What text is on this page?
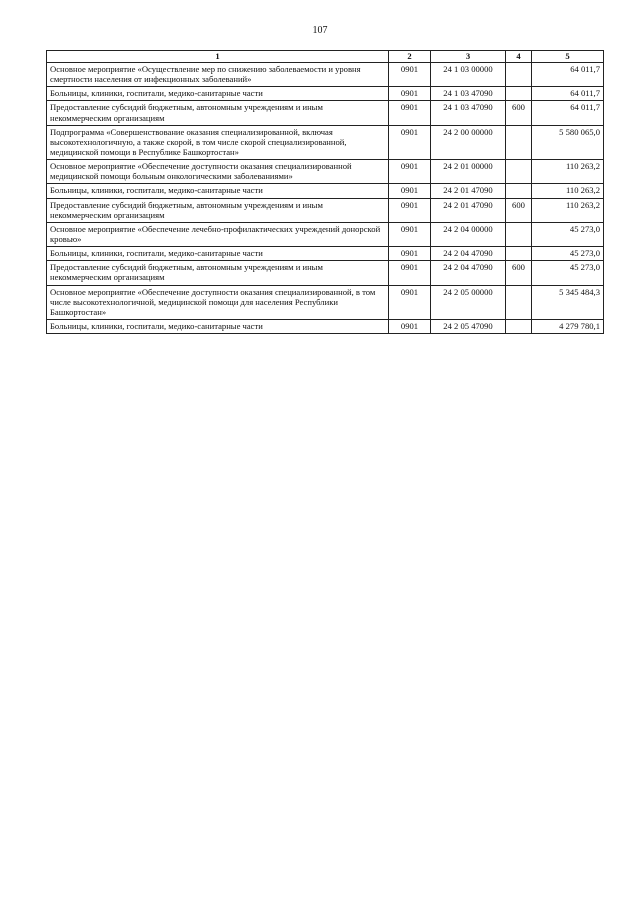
107
1	2	3	4	5
Основное мероприятие «Осуществление мер по снижению заболеваемости и уровня смертности населения от инфекционных заболеваний»	0901	24 1 03 00000		64 011,7
Больницы, клиники, госпитали, медико-санитарные части	0901	24 1 03 47090		64 011,7
Предоставление субсидий бюджетным, автономным учреждениям и иным некоммерческим организациям	0901	24 1 03 47090	600	64 011,7
Подпрограмма «Совершенствование оказания специализированной, включая высокотехнологичную, а также скорой, в том числе скорой специализированной, медицинской помощи в Республике Башкортостан»	0901	24 2 00 00000		5 580 065,0
Основное мероприятие «Обеспечение доступности оказания специализированной медицинской помощи больным онкологическими заболеваниями»	0901	24 2 01 00000		110 263,2
Больницы, клиники, госпитали, медико-санитарные части	0901	24 2 01 47090		110 263,2
Предоставление субсидий бюджетным, автономным учреждениям и иным некоммерческим организациям	0901	24 2 01 47090	600	110 263,2
Основное мероприятие «Обеспечение лечебно-профилактических учреждений донорской кровью»	0901	24 2 04 00000		45 273,0
Больницы, клиники, госпитали, медико-санитарные части	0901	24 2 04 47090		45 273,0
Предоставление субсидий бюджетным, автономным учреждениям и иным некоммерческим организациям	0901	24 2 04 47090	600	45 273,0
Основное мероприятие «Обеспечение доступности оказания специализированной, в том числе высокотехнологичной, медицинской помощи для населения Республики Башкортостан»	0901	24 2 05 00000		5 345 484,3
Больницы, клиники, госпитали, медико-санитарные части	0901	24 2 05 47090		4 279 780,1
